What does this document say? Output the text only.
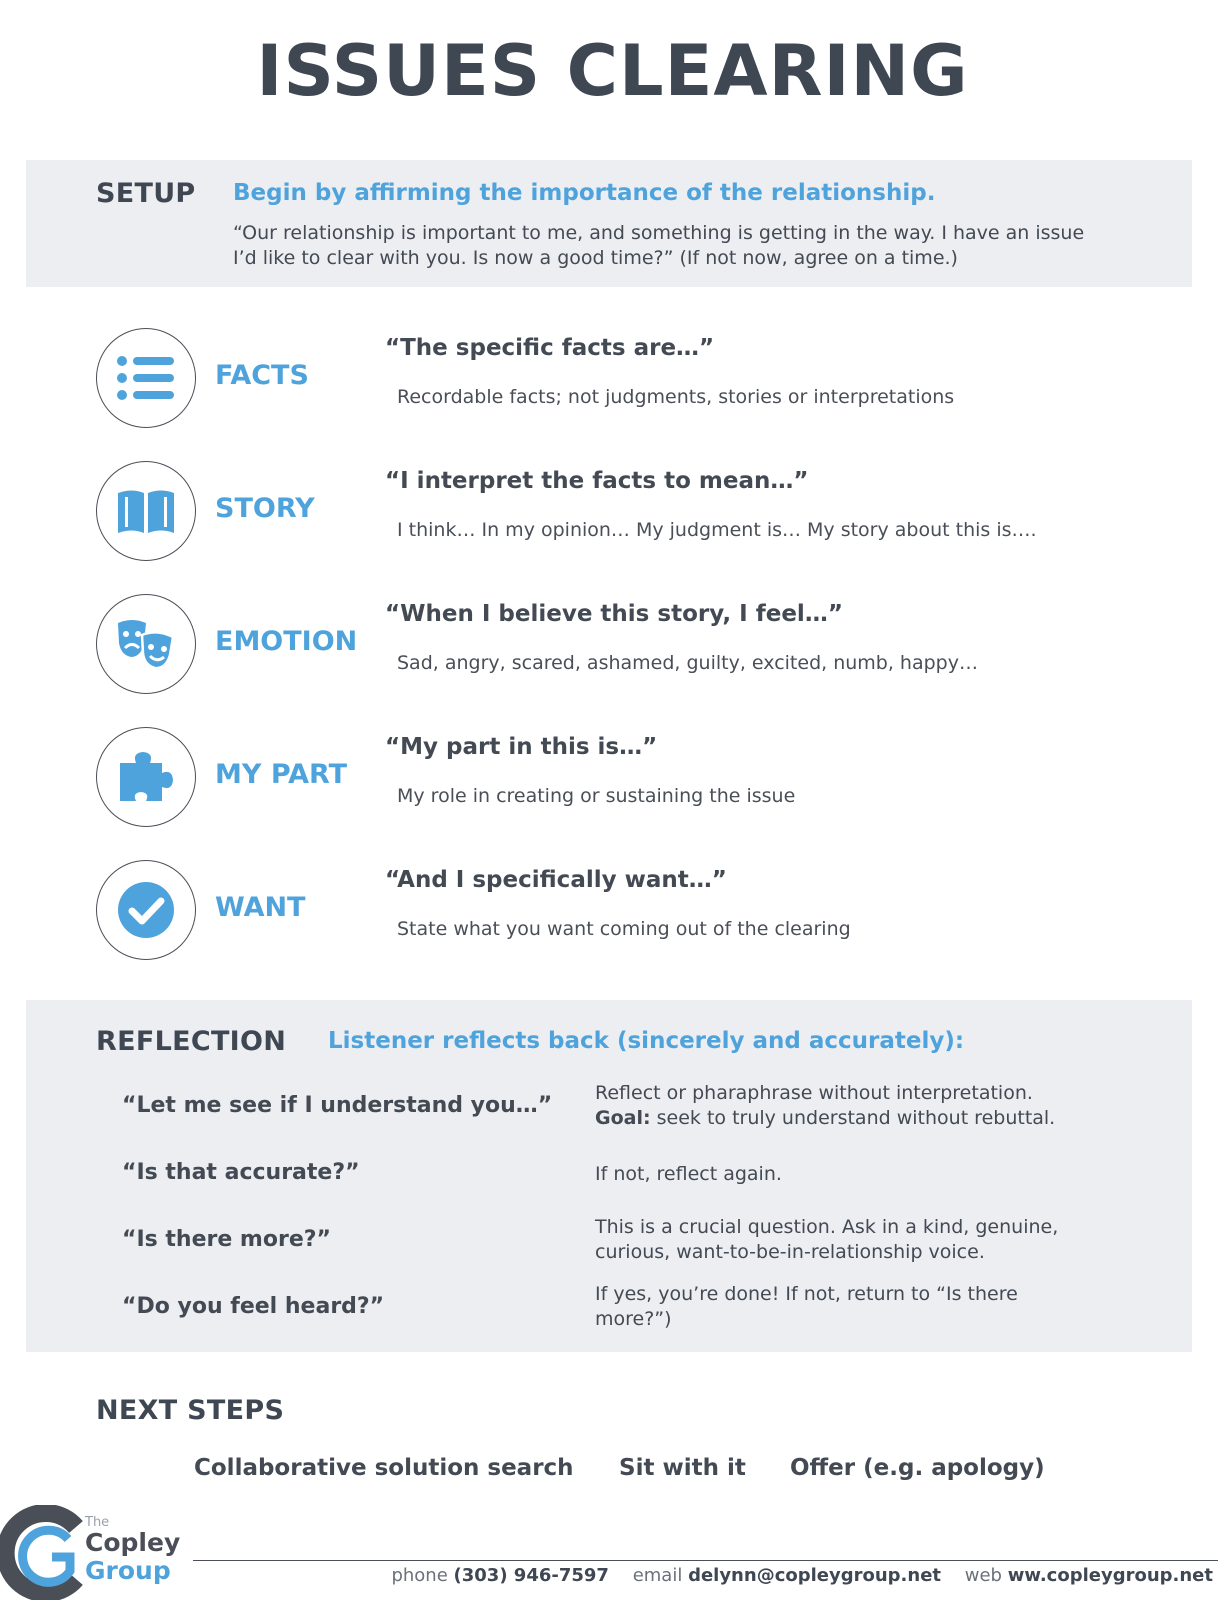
ISSUES CLEARING
SETUP Begin by affirming the importance of the relationship.
“Our relationship is important to me, and something is getting in the way. I have an issue
I’d like to clear with you. Is now a good time?” (If not now, agree on a time.)
FACTS
“The specific facts are…”
Recordable facts; not judgments, stories or interpretations
STORY
“I interpret the facts to mean…”
I think… In my opinion… My judgment is… My story about this is….
EMOTION
“When I believe this story, I feel…”
Sad, angry, scared, ashamed, guilty, excited, numb, happy…
MY PART
“My part in this is…”
My role in creating or sustaining the issue
WANT
“And I specifically want…”
State what you want coming out of the clearing
REFLECTION Listener reflects back (sincerely and accurately):
“Let me see if I understand you…” Reflect or pharaphrase without interpretation.
Goal: seek to truly understand without rebuttal.
“Is that accurate?”	If not, reflect again.
“Is there more?”	This is a crucial question. Ask in a kind, genuine,
curious, want-to-be-in-relationship voice.
“Do you feel heard?”	If yes, you’re done! If not, return to “Is there
more?”)
NEXT STEPS
Collaborative solution search Sit with it Offer (e.g. apology)
The
Copley
Group	phone (303) 946-7597 email delynn@copleygroup.net web ww.copleygroup.net
